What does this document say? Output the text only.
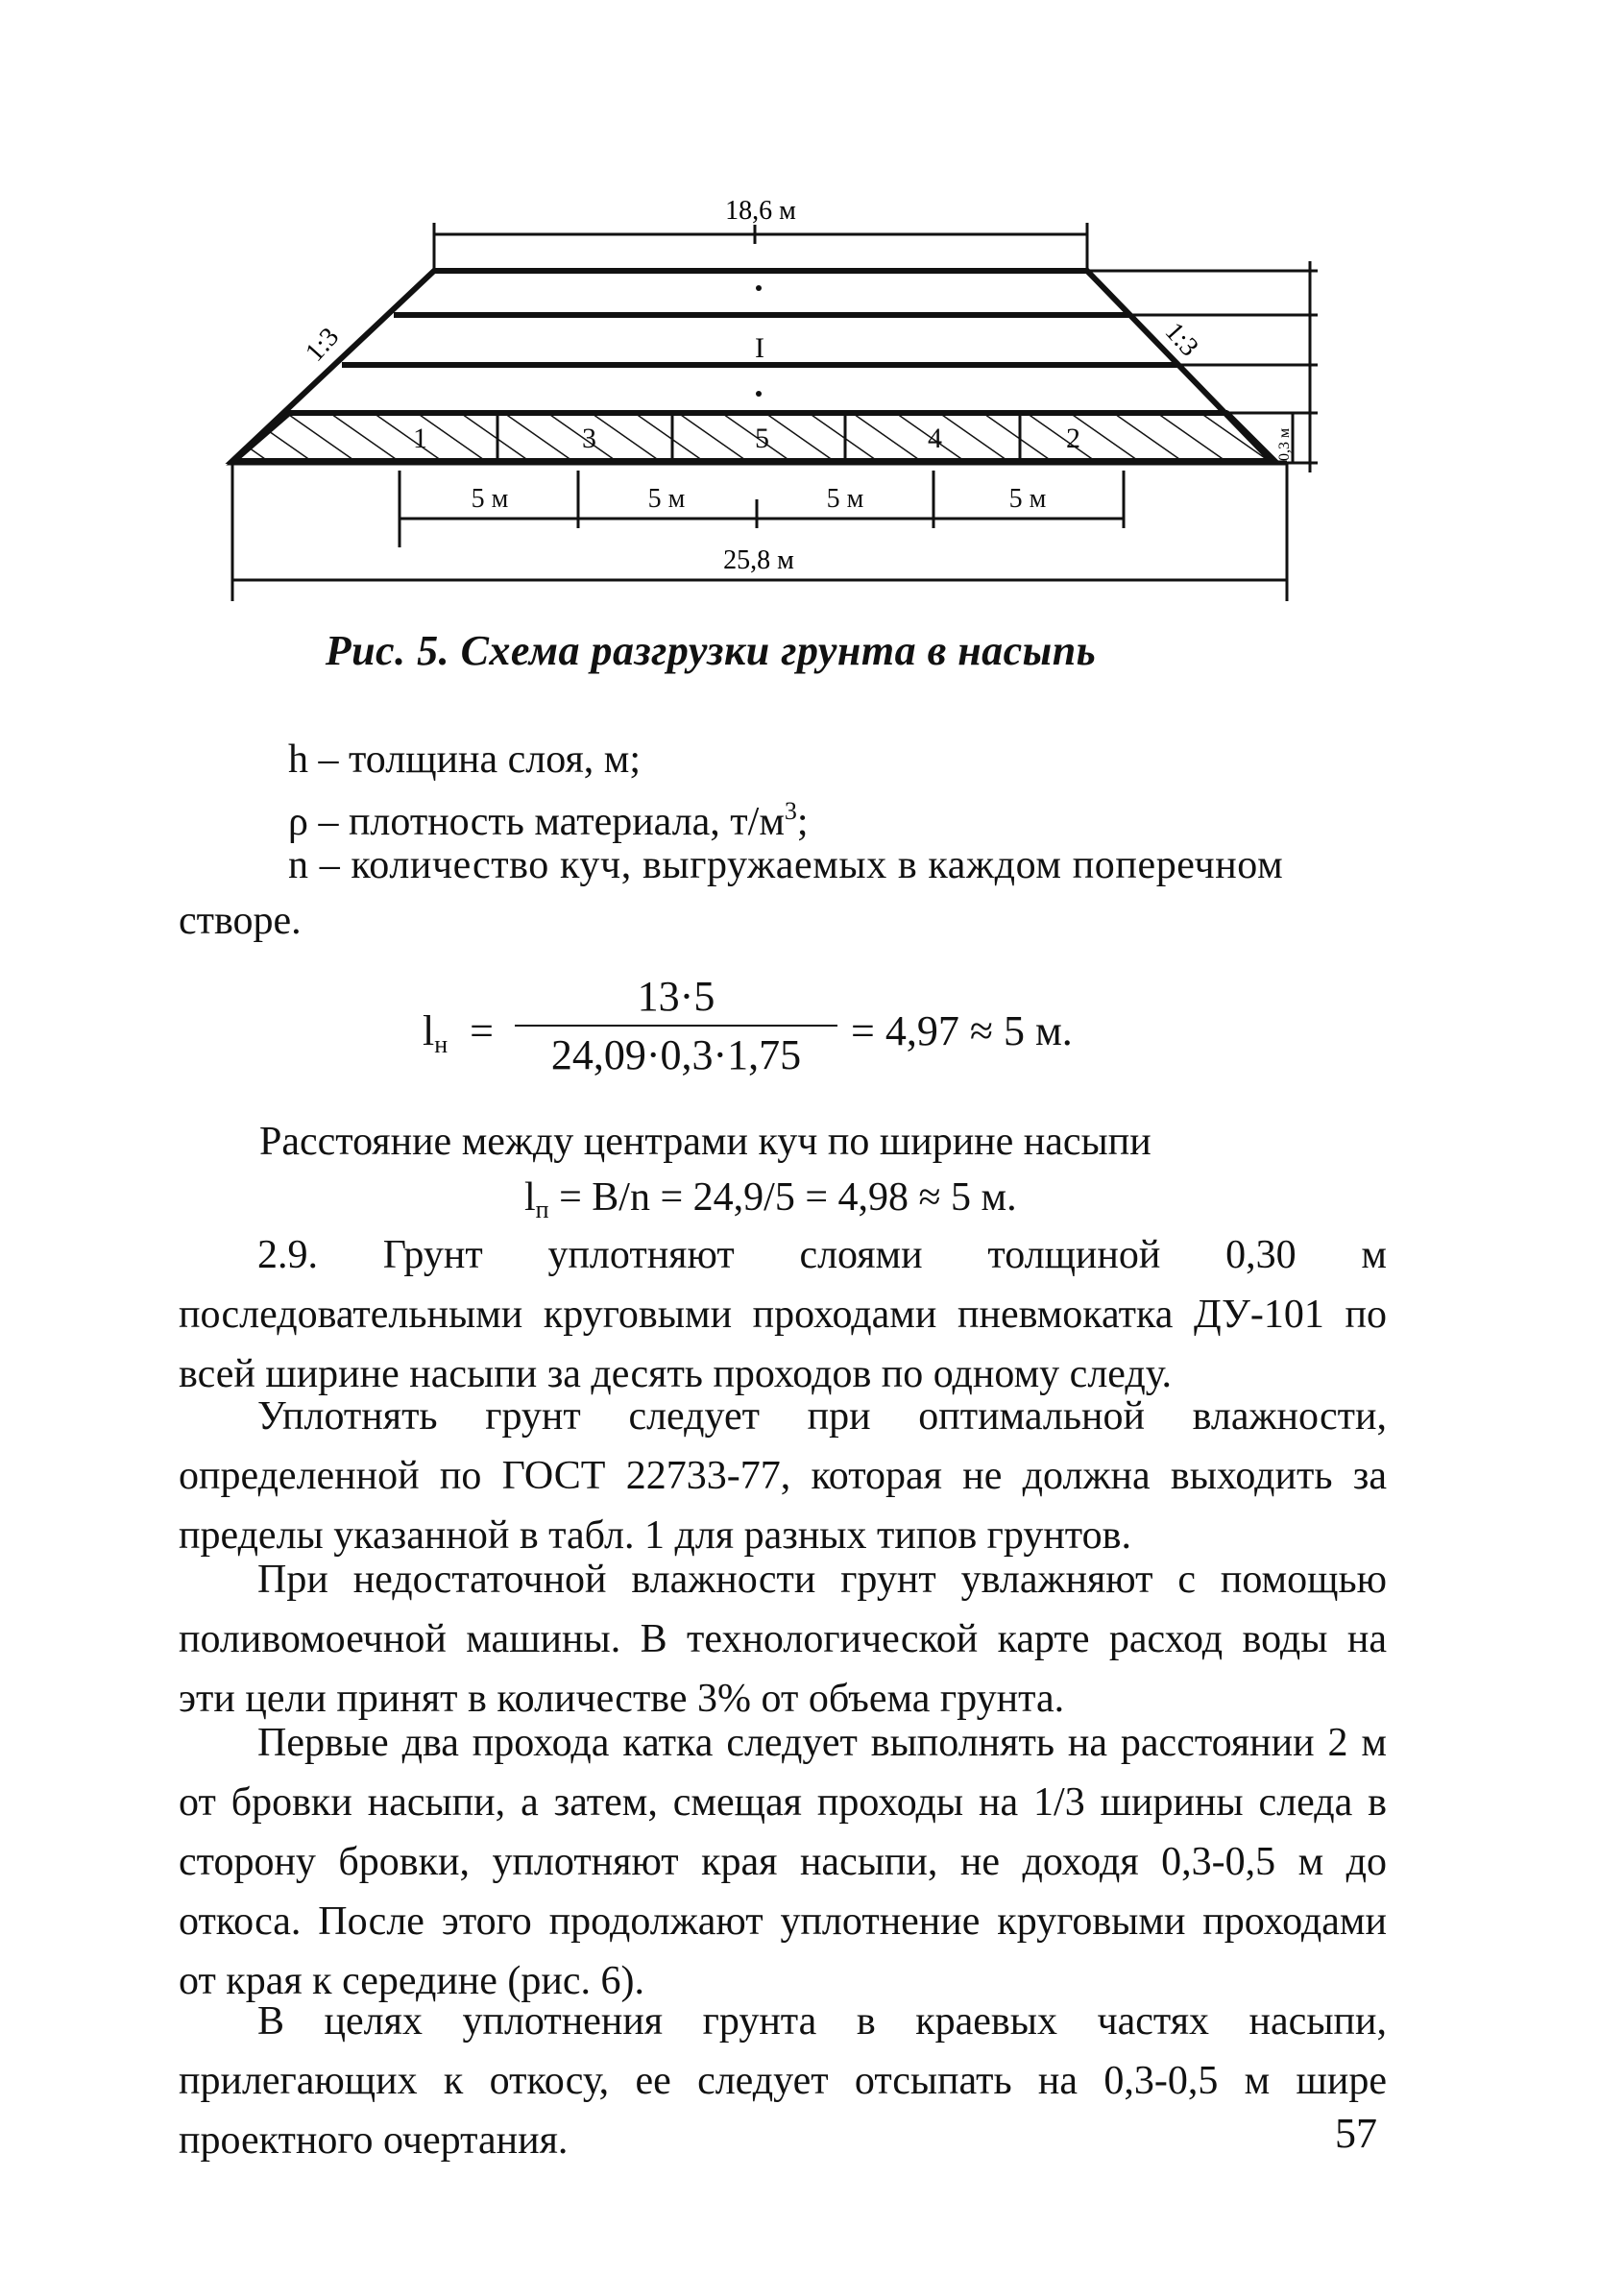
18,6 м
1	3	5	4	2
I
1:3	1:3
0,3 м
5 м	5 м	5 м	5 м
25,8 м
Рис. 5. Схема разгрузки грунта в насыпь
h – толщина слоя, м;
ρ – плотность материала, $т/м^3$;
n – количество куч, выгружаемых в каждом поперечном
створе.
$l_н$ =
13·5
24,09·0,3·1,75
= 4,97 ≈ 5 м.
Расстояние между центрами куч по ширине насыпи
$l_п = B/n = 24,9/5 = 4,98 \approx 5$ м.

2.9. Грунт уплотняют слоями толщиной 0,30 м последовательными круговыми проходами пневмокатка ДУ-101 по всей ширине насыпи за десять проходов по одному следу.

Уплотнять грунт следует при оптимальной влажности, определенной по ГОСТ 22733-77, которая не должна выходить за пределы указанной в табл. 1 для разных типов грунтов.

При недостаточной влажности грунт увлажняют с помощью поливомоечной машины. В технологической карте расход воды на эти цели принят в количестве 3% от объема грунта.

Первые два прохода катка следует выполнять на расстоянии 2 м от бровки насыпи, а затем, смещая проходы на 1/3 ширины следа в сторону бровки, уплотняют края насыпи, не доходя 0,3-0,5 м до откоса. После этого продолжают уплотнение круговыми проходами от края к середине (рис. 6).

В целях уплотнения грунта в краевых частях насыпи, прилегающих к откосу, ее следует отсыпать на 0,3-0,5 м шире проектного очертания.	57
